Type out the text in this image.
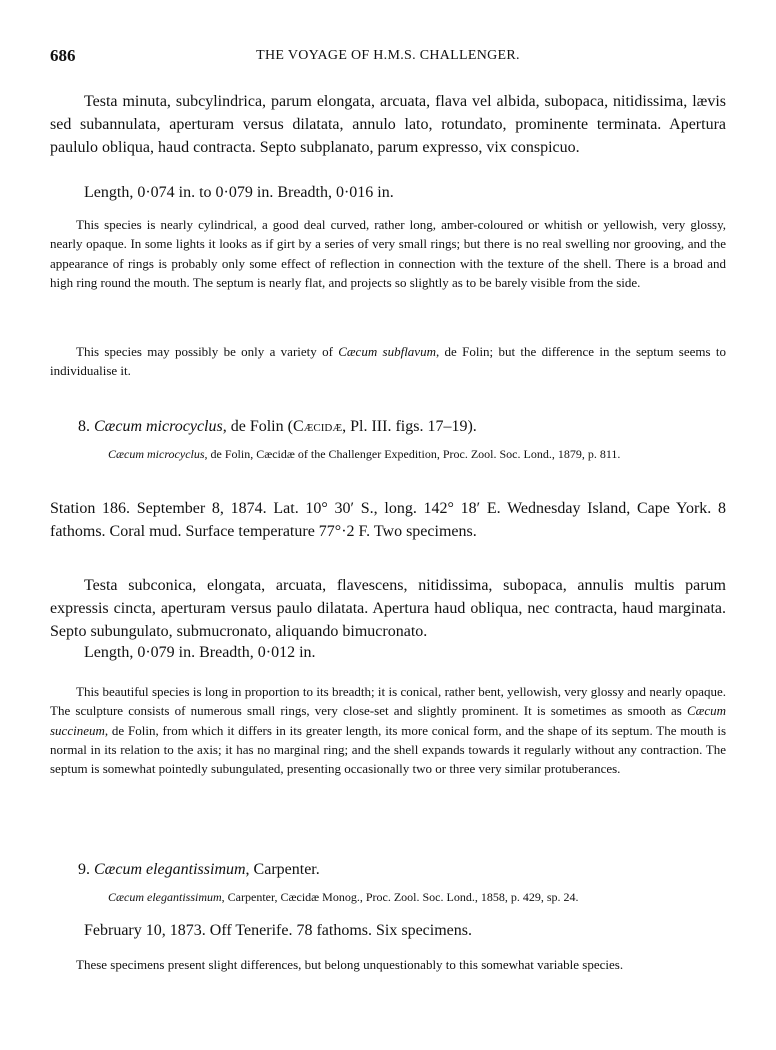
686	THE VOYAGE OF H.M.S. CHALLENGER.

Testa minuta, subcylindrica, parum elongata, arcuata, flava vel albida, subopaca, nitidissima, lævis sed subannulata, aperturam versus dilatata, annulo lato, rotundato, prominente terminata. Apertura paululo obliqua, haud contracta. Septo subplanato, parum expresso, vix conspicuo.

Length, 0·074 in. to 0·079 in. Breadth, 0·016 in.

This species is nearly cylindrical, a good deal curved, rather long, amber-coloured or whitish or yellowish, very glossy, nearly opaque. In some lights it looks as if girt by a series of very small rings; but there is no real swelling nor grooving, and the appearance of rings is probably only some effect of reflection in connection with the texture of the shell. There is a broad and high ring round the mouth. The septum is nearly flat, and projects so slightly as to be barely visible from the side.

This species may possibly be only a variety of Cæcum subflavum, de Folin; but the difference in the septum seems to individualise it.

8. Cæcum microcyclus, de Folin (Cæcidæ, Pl. III. figs. 17–19).

Cæcum microcyclus, de Folin, Cæcidæ of the Challenger Expedition, Proc. Zool. Soc. Lond., 1879, p. 811.

Station 186. September 8, 1874. Lat. 10° 30′ S., long. 142° 18′ E. Wednesday Island, Cape York. 8 fathoms. Coral mud. Surface temperature 77°·2 F. Two specimens.

Testa subconica, elongata, arcuata, flavescens, nitidissima, subopaca, annulis multis parum expressis cincta, aperturam versus paulo dilatata. Apertura haud obliqua, nec contracta, haud marginata. Septo subungulato, submucronato, aliquando bimucronato.

Length, 0·079 in. Breadth, 0·012 in.

This beautiful species is long in proportion to its breadth; it is conical, rather bent, yellowish, very glossy and nearly opaque. The sculpture consists of numerous small rings, very close-set and slightly prominent. It is sometimes as smooth as Cæcum succineum, de Folin, from which it differs in its greater length, its more conical form, and the shape of its septum. The mouth is normal in its relation to the axis; it has no marginal ring; and the shell expands towards it regularly without any contraction. The septum is somewhat pointedly subungulated, presenting occasionally two or three very similar protuberances.

9. Cæcum elegantissimum, Carpenter.

Cæcum elegantissimum, Carpenter, Cæcidæ Monog., Proc. Zool. Soc. Lond., 1858, p. 429, sp. 24.

February 10, 1873. Off Tenerife. 78 fathoms. Six specimens.

These specimens present slight differences, but belong unquestionably to this somewhat variable species.
